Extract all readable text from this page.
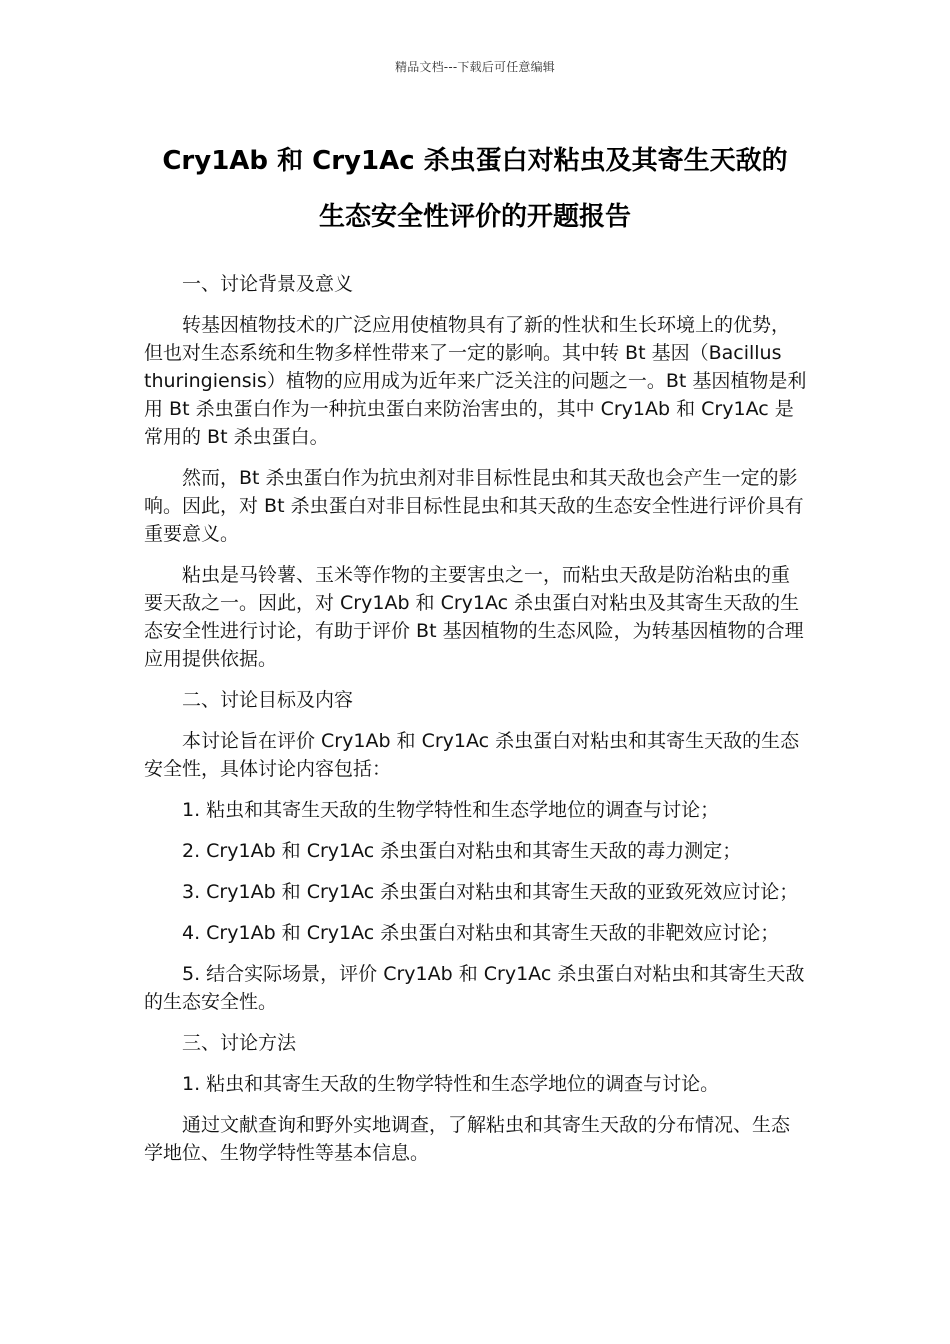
精品文档---下载后可任意编辑
Cry1Ab 和 Cry1Ac 杀虫蛋白对粘虫及其寄生天敌的
生态安全性评价的开题报告

一、讨论背景及意义

转基因植物技术的广泛应用使植物具有了新的性状和生长环境上的优势，但也对生态系统和生物多样性带来了一定的影响。其中转 Bt 基因（Bacillus thuringiensis）植物的应用成为近年来广泛关注的问题之一。Bt 基因植物是利用 Bt 杀虫蛋白作为一种抗虫蛋白来防治害虫的，其中 Cry1Ab 和 Cry1Ac 是常用的 Bt 杀虫蛋白。

然而，Bt 杀虫蛋白作为抗虫剂对非目标性昆虫和其天敌也会产生一定的影响。因此，对 Bt 杀虫蛋白对非目标性昆虫和其天敌的生态安全性进行评价具有重要意义。

粘虫是马铃薯、玉米等作物的主要害虫之一，而粘虫天敌是防治粘虫的重要天敌之一。因此，对 Cry1Ab 和 Cry1Ac 杀虫蛋白对粘虫及其寄生天敌的生态安全性进行讨论，有助于评价 Bt 基因植物的生态风险，为转基因植物的合理应用提供依据。

二、讨论目标及内容

本讨论旨在评价 Cry1Ab 和 Cry1Ac 杀虫蛋白对粘虫和其寄生天敌的生态安全性，具体讨论内容包括：

1. 粘虫和其寄生天敌的生物学特性和生态学地位的调查与讨论；

2. Cry1Ab 和 Cry1Ac 杀虫蛋白对粘虫和其寄生天敌的毒力测定；

3. Cry1Ab 和 Cry1Ac 杀虫蛋白对粘虫和其寄生天敌的亚致死效应讨论；

4. Cry1Ab 和 Cry1Ac 杀虫蛋白对粘虫和其寄生天敌的非靶效应讨论；

5. 结合实际场景，评价 Cry1Ab 和 Cry1Ac 杀虫蛋白对粘虫和其寄生天敌的生态安全性。

三、讨论方法

1. 粘虫和其寄生天敌的生物学特性和生态学地位的调查与讨论。

通过文献查询和野外实地调查，了解粘虫和其寄生天敌的分布情况、生态学地位、生物学特性等基本信息。
